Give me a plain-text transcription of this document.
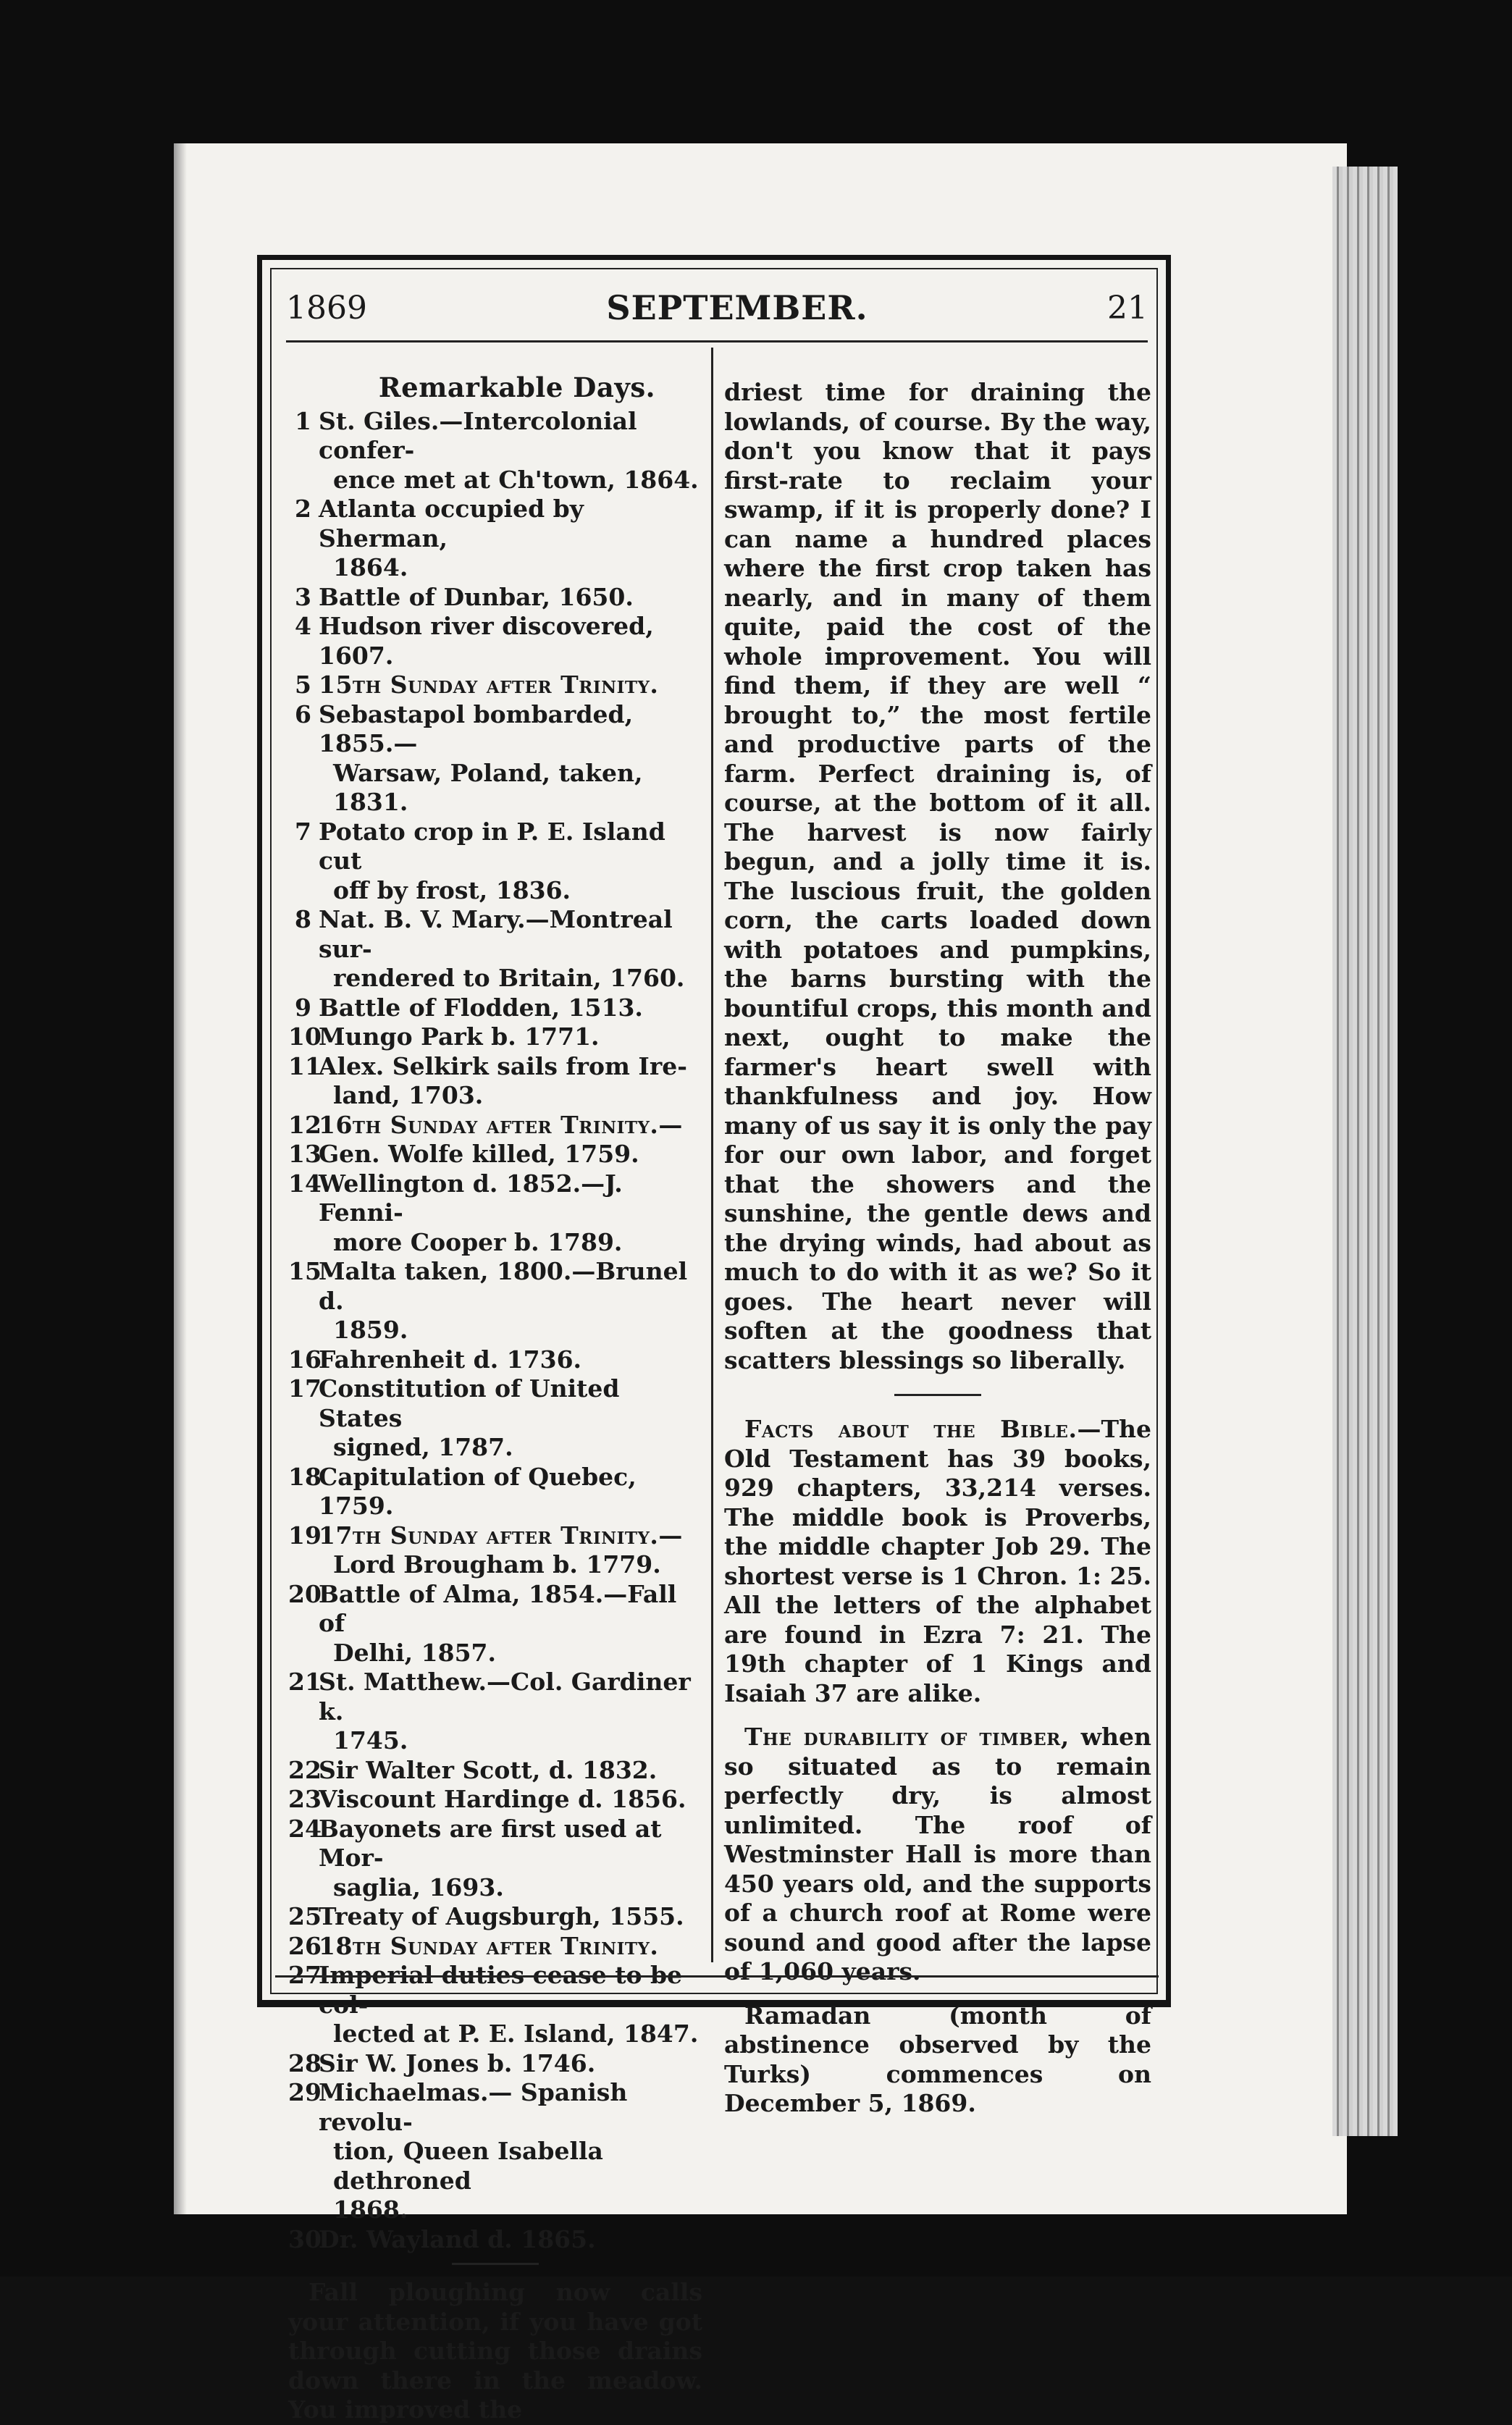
1869	SEPTEMBER.	21
Remarkable Days.
1 St. Giles.—Intercolonial confer-
ence met at Ch'town, 1864.
2 Atlanta occupied by Sherman,
1864.
3 Battle of Dunbar, 1650.
4 Hudson river discovered, 1607.
5 15th Sunday after Trinity.
6 Sebastapol bombarded, 1855.—
Warsaw, Poland, taken, 1831.
7 Potato crop in P. E. Island cut
off by frost, 1836.
8 Nat. B. V. Mary.—Montreal sur-
rendered to Britain, 1760.
9 Battle of Flodden, 1513.
10
Mungo Park b. 1771.
11
Alex. Selkirk sails from Ire-
land, 1703.
12
16th Sunday after Trinity.—
13
Gen. Wolfe killed, 1759.
14
Wellington d. 1852.—J. Fenni-
more Cooper b. 1789.
15
Malta taken, 1800.—Brunel d.
1859.
16
Fahrenheit d. 1736.
17
Constitution of United States
signed, 1787.
18
Capitulation of Quebec, 1759.
19
17th Sunday after Trinity.—
Lord Brougham b. 1779.
20
Battle of Alma, 1854.—Fall of
Delhi, 1857.
21
St. Matthew.—Col. Gardiner k.
1745.
22
Sir Walter Scott, d. 1832.
23
Viscount Hardinge d. 1856.
24
Bayonets are first used at Mor-
saglia, 1693.
25
Treaty of Augsburgh, 1555.
26
18th Sunday after Trinity.
27
Imperial duties cease to be col-
lected at P. E. Island, 1847.
28
Sir W. Jones b. 1746.
29
Michaelmas.— Spanish revolu-
tion, Queen Isabella dethroned
1868.
30
Dr. Wayland d. 1865.
Fall ploughing now calls your attention, if you have got through cutting those drains down there in the meadow. You improved the
driest time for draining the lowlands, of course. By the way, don't you know that it pays first-rate to reclaim your swamp, if it is properly done? I can name a hundred places where the first crop taken has nearly, and in many of them quite, paid the cost of the whole improvement. You will find them, if they are well “ brought to,” the most fertile and productive parts of the farm. Perfect draining is, of course, at the bottom of it all. The harvest is now fairly begun, and a jolly time it is. The luscious fruit, the golden corn, the carts loaded down with potatoes and pumpkins, the barns bursting with the bountiful crops, this month and next, ought to make the farmer's heart swell with thankfulness and joy. How many of us say it is only the pay for our own labor, and forget that the showers and the sunshine, the gentle dews and the drying winds, had about as much to do with it as we? So it goes. The heart never will soften at the goodness that scatters blessings so liberally.
Facts about the Bible.—The Old Testament has 39 books, 929 chapters, 33,214 verses. The middle book is Proverbs, the middle chapter Job 29. The shortest verse is 1 Chron. 1: 25. All the letters of the alphabet are found in Ezra 7: 21. The 19th chapter of 1 Kings and Isaiah 37 are alike.
The durability of timber, when so situated as to remain perfectly dry, is almost unlimited. The roof of Westminster Hall is more than 450 years old, and the supports of a church roof at Rome were sound and good after the lapse of 1,060 years.
Ramadan (month of abstinence observed by the Turks) commences on December 5, 1869.
